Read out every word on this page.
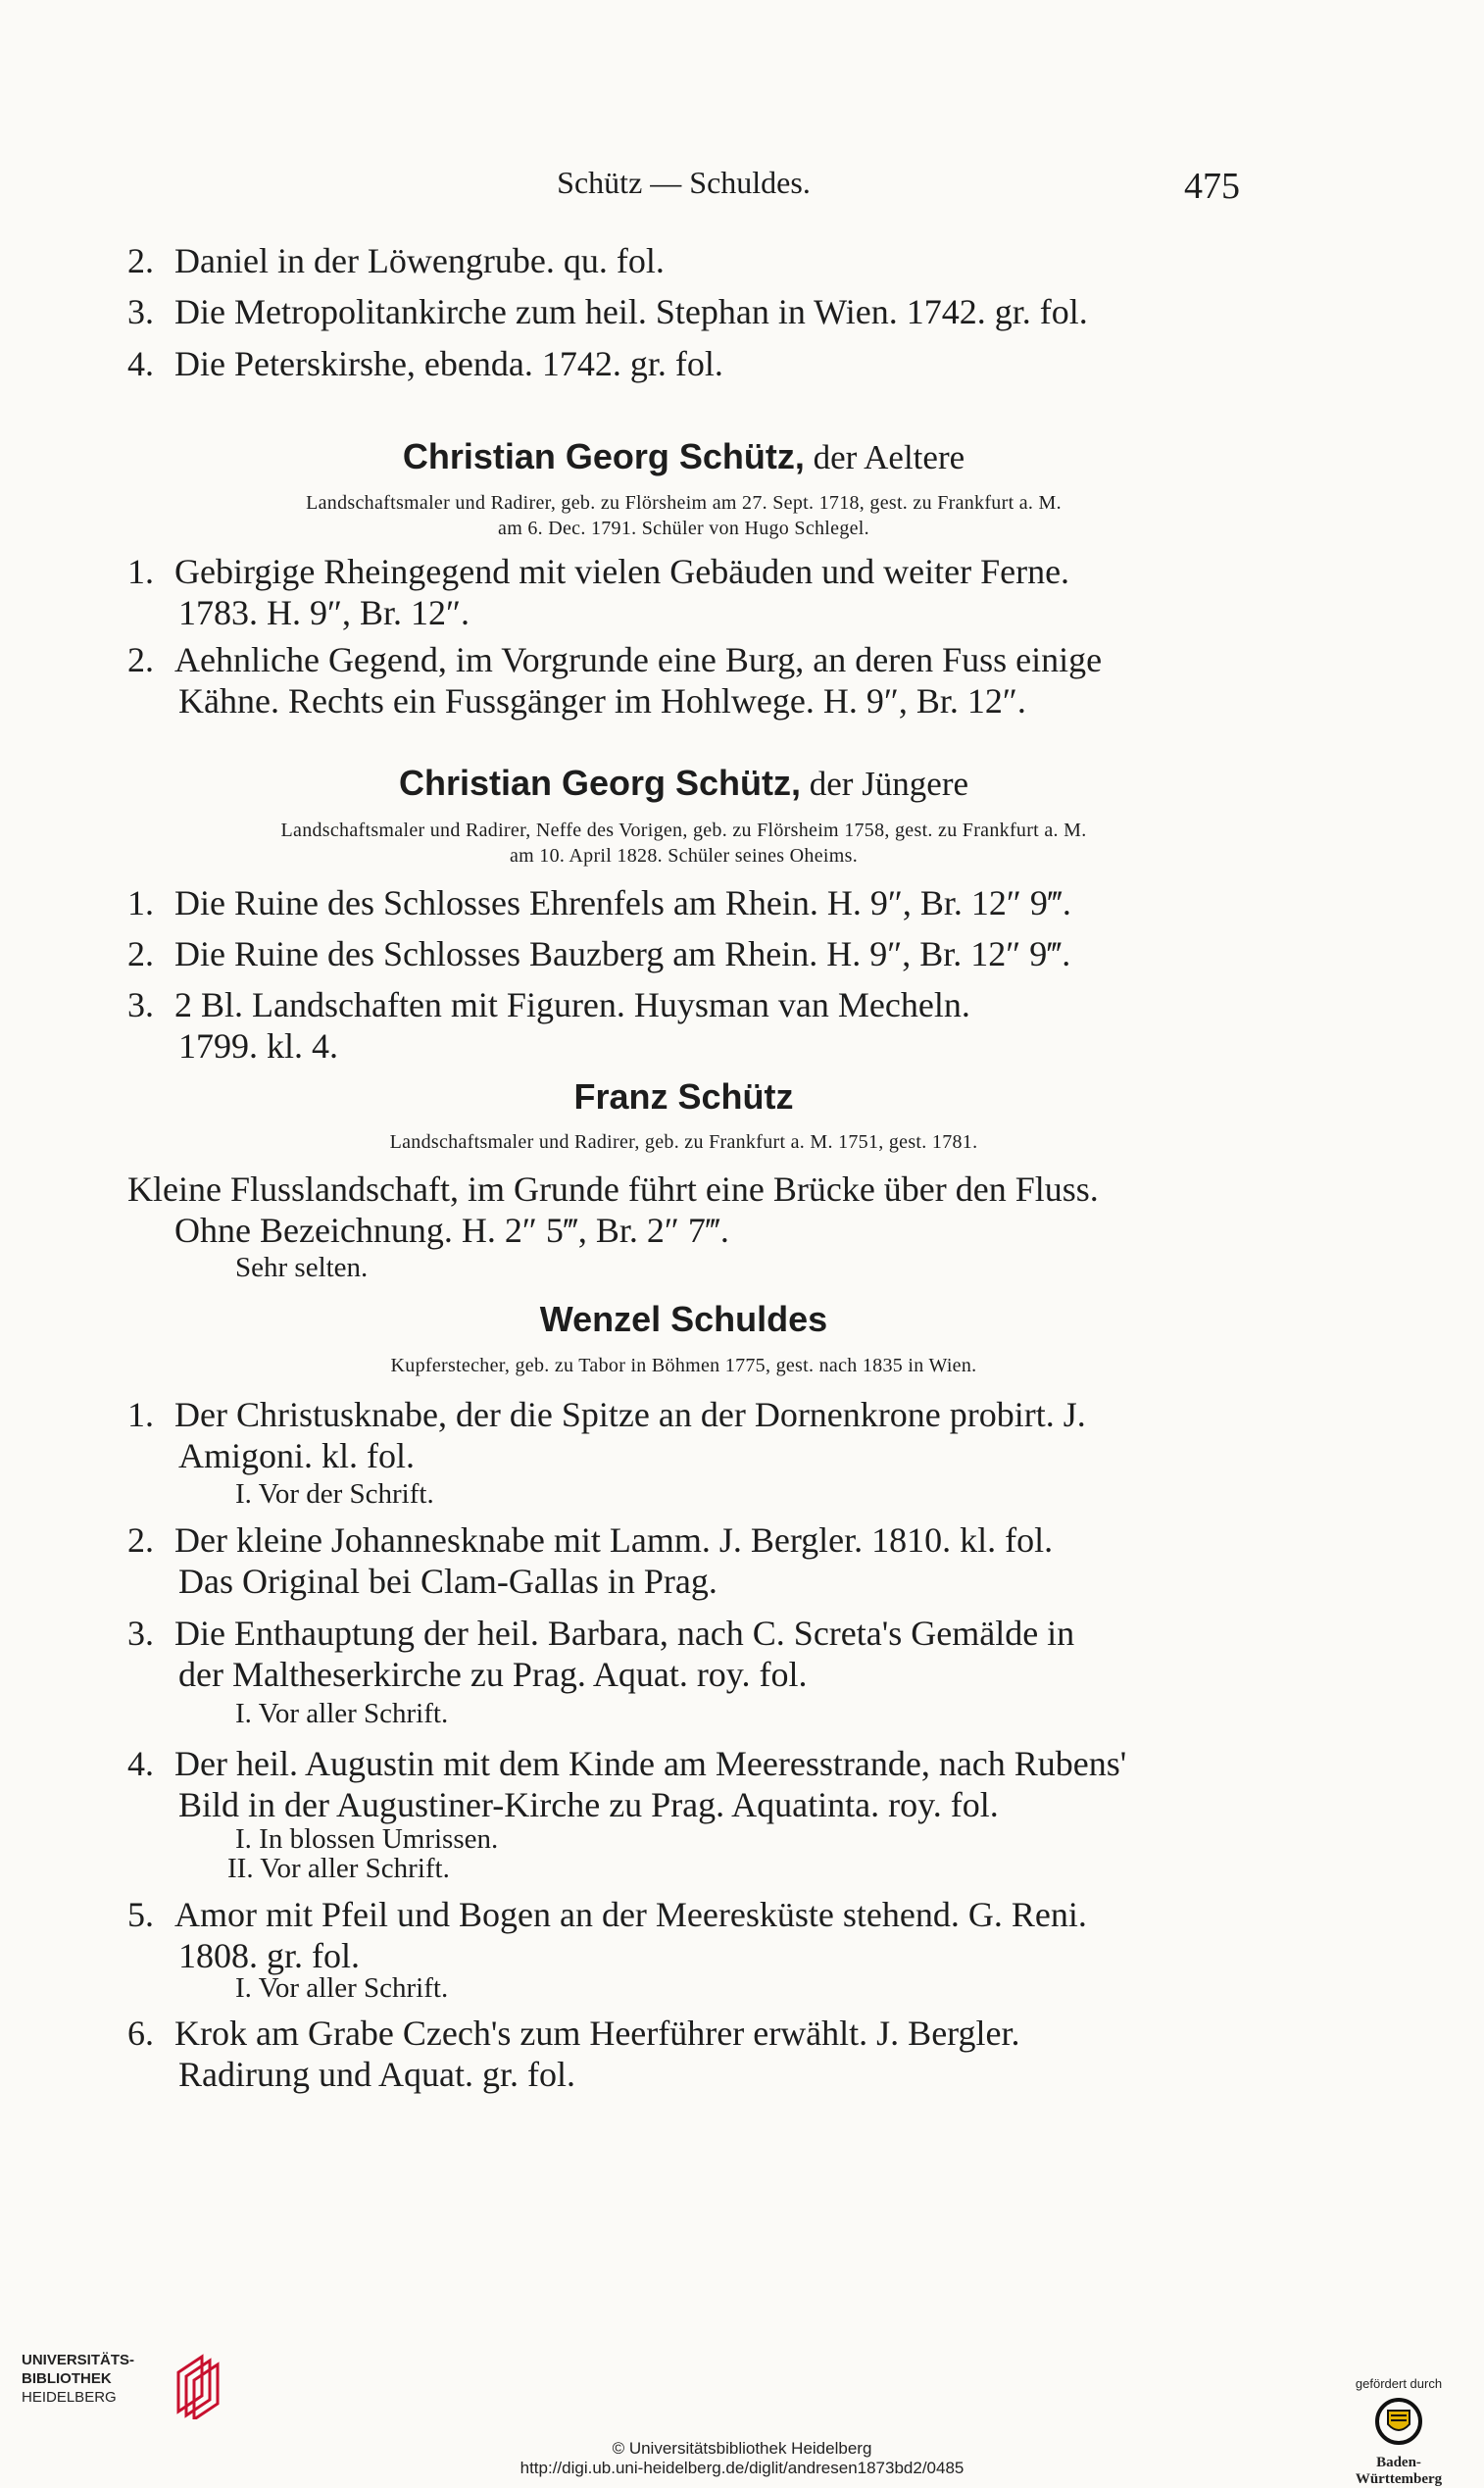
Schütz — Schuldes.	475
2. Daniel in der Löwengrube. qu. fol.
3. Die Metropolitankirche zum heil. Stephan in Wien. 1742. gr. fol.
4. Die Peterskirshe, ebenda. 1742. gr. fol.
Christian Georg Schütz, der Aeltere
Landschaftsmaler und Radirer, geb. zu Flörsheim am 27. Sept. 1718, gest. zu Frankfurt a. M.
am 6. Dec. 1791. Schüler von Hugo Schlegel.
1. Gebirgige Rheingegend mit vielen Gebäuden und weiter Ferne.
1783. H. 9″, Br. 12″.
2. Aehnliche Gegend, im Vorgrunde eine Burg, an deren Fuss einige
Kähne. Rechts ein Fussgänger im Hohlwege. H. 9″, Br. 12″.
Christian Georg Schütz, der Jüngere
Landschaftsmaler und Radirer, Neffe des Vorigen, geb. zu Flörsheim 1758, gest. zu Frankfurt a. M.
am 10. April 1828. Schüler seines Oheims.
1. Die Ruine des Schlosses Ehrenfels am Rhein. H. 9″, Br. 12″ 9‴.
2. Die Ruine des Schlosses Bauzberg am Rhein. H. 9″, Br. 12″ 9‴.
3. 2 Bl. Landschaften mit Figuren. Huysman van Mecheln.
1799. kl. 4.
Franz Schütz
Landschaftsmaler und Radirer, geb. zu Frankfurt a. M. 1751, gest. 1781.
Kleine Flusslandschaft, im Grunde führt eine Brücke über den Fluss.
Ohne Bezeichnung. H. 2″ 5‴, Br. 2″ 7‴.
Sehr selten.
Wenzel Schuldes
Kupferstecher, geb. zu Tabor in Böhmen 1775, gest. nach 1835 in Wien.
1. Der Christusknabe, der die Spitze an der Dornenkrone probirt. J.
Amigoni. kl. fol.
I. Vor der Schrift.
2. Der kleine Johannesknabe mit Lamm. J. Bergler. 1810. kl. fol.
Das Original bei Clam-Gallas in Prag.
3. Die Enthauptung der heil. Barbara, nach C. Screta's Gemälde in
der Maltheserkirche zu Prag. Aquat. roy. fol.
I. Vor aller Schrift.
4. Der heil. Augustin mit dem Kinde am Meeresstrande, nach Rubens'
Bild in der Augustiner-Kirche zu Prag. Aquatinta. roy. fol.
I. In blossen Umrissen.
II. Vor aller Schrift.
5. Amor mit Pfeil und Bogen an der Meeresküste stehend. G. Reni.
1808. gr. fol.
I. Vor aller Schrift.
6. Krok am Grabe Czech's zum Heerführer erwählt. J. Bergler.
Radirung und Aquat. gr. fol.
UNIVERSITÄTS-
BIBLIOTHEK
HEIDELBERG
© Universitätsbibliothek Heidelberg
http://digi.ub.uni-heidelberg.de/diglit/andresen1873bd2/0485
gefördert durch
Baden-Württemberg
